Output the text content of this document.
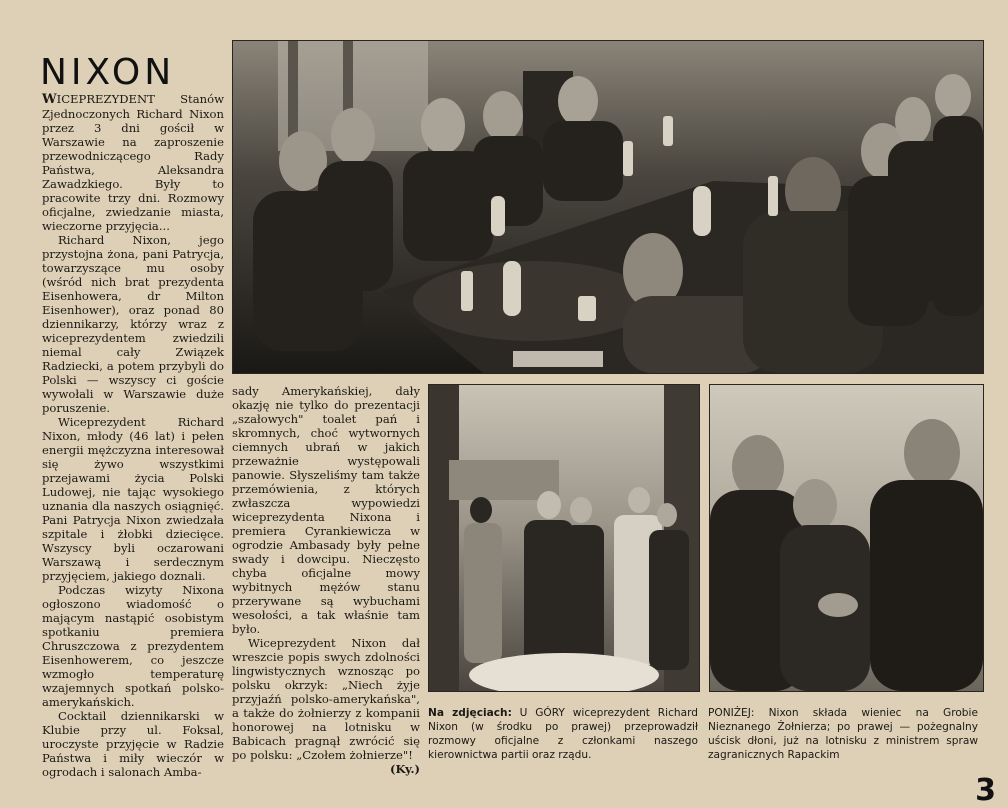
NIXON

WICEPREZYDENT Stanów Zjednoczonych Richard Nixon przez 3 dni gościł w Warszawie na zaproszenie przewodniczącego Rady Państwa, Aleksandra Zawadzkiego. Były to pracowite trzy dni. Rozmowy oficjalne, zwiedzanie miasta, wieczorne przyjęcia...

Richard Nixon, jego przystojna żona, pani Patrycja, towarzyszące mu osoby (wśród nich brat prezydenta Eisenhowera, dr Milton Eisenhower), oraz ponad 80 dziennikarzy, którzy wraz z wiceprezydentem zwiedzili niemal cały Związek Radziecki, a potem przybyli do Polski — wszyscy ci goście wywołali w Warszawie duże poruszenie.

Wiceprezydent Richard Nixon, młody (46 lat) i pełen energii mężczyzna interesował się żywo wszystkimi przejawami życia Polski Ludowej, nie tając wysokiego uznania dla naszych osiągnięć. Pani Patrycja Nixon zwiedzała szpitale i żłobki dziecięce. Wszyscy byli oczarowani Warszawą i serdecznym przyjęciem, jakiego doznali.

Podczas wizyty Nixona ogłoszono wiadomość o mającym nastąpić osobistym spotkaniu premiera Chruszczowa z prezydentem Eisenhowerem, co jeszcze wzmogło temperaturę wzajemnych spotkań polsko-amerykańskich.

Cocktail dziennikarski w Klubie przy ul. Foksal, uroczyste przyjęcie w Radzie Państwa i miły wieczór w ogrodach i salonach Amba-

sady Amerykańskiej, dały okazję nie tylko do prezentacji „szałowych" toalet pań i skromnych, choć wytwornych ciemnych ubrań w jakich przeważnie występowali panowie. Słyszeliśmy tam także przemówienia, z których zwłaszcza wypowiedzi wiceprezydenta Nixona i premiera Cyrankiewicza w ogrodzie Ambasady były pełne swady i dowcipu. Nieczęsto chyba oficjalne mowy wybitnych mężów stanu przerywane są wybuchami wesołości, a tak właśnie tam było.

Wiceprezydent Nixon dał wreszcie popis swych zdolności lingwistycznych wznosząc po polsku okrzyk: „Niech żyje przyjaźń polsko-amerykańska", a także do żołnierzy z kompanii honorowej na lotnisku w Babicach pragnął zwrócić się po polsku: „Czołem żołnierze"!
(Ky.)

Na zdjęciach: U GÓRY wiceprezydent Richard Nixon (w środku po prawej) przeprowadził rozmowy oficjalne z członkami naszego kierownictwa partii oraz rządu.
PONIŻEJ: Nixon składa wieniec na Grobie Nieznanego Żołnierza; po prawej — pożegnalny uścisk dłoni, już na lotnisku z ministrem spraw zagranicznych Rapackim
3
